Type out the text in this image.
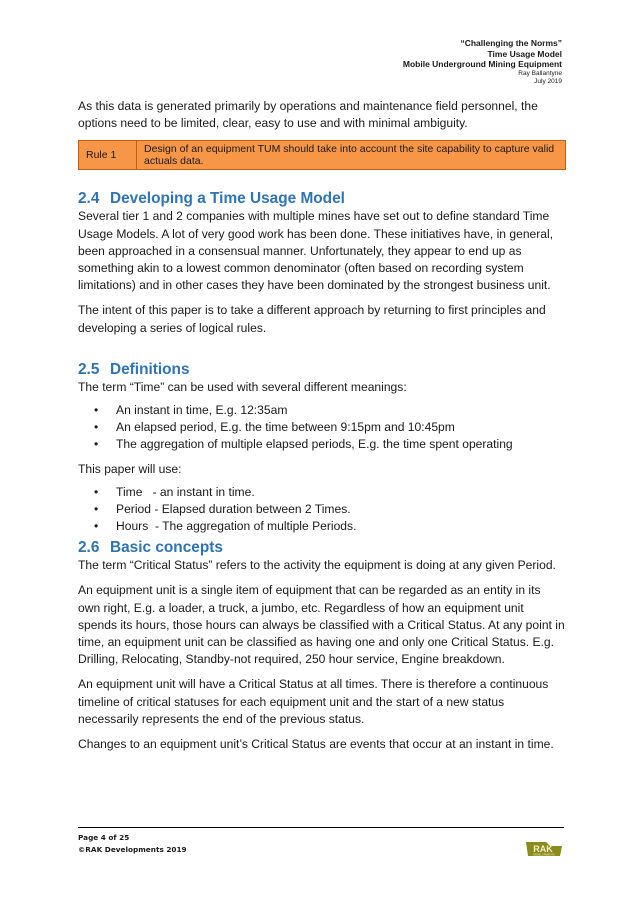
“Challenging the Norms”
Time Usage Model
Mobile Underground Mining Equipment
Ray Ballantyne
July 2019

As this data is generated primarily by operations and maintenance field personnel, the options need to be limited, clear, easy to use and with minimal ambiguity.

Rule 1	Design of an equipment TUM should take into account the site capability to capture valid actuals data.
2.4 Developing a Time Usage Model

Several tier 1 and 2 companies with multiple mines have set out to define standard Time Usage Models. A lot of very good work has been done. These initiatives have, in general, been approached in a consensual manner. Unfortunately, they appear to end up as something akin to a lowest common denominator (often based on recording system limitations) and in other cases they have been dominated by the strongest business unit.

The intent of this paper is to take a different approach by returning to first principles and developing a series of logical rules.

2.5 Definitions

The term “Time” can be used with several different meanings:

• An instant in time, E.g. 12:35am
• An elapsed period, E.g. the time between 9:15pm and 10:45pm
• The aggregation of multiple elapsed periods, E.g. the time spent operating

This paper will use:

• Time   - an instant in time.
• Period - Elapsed duration between 2 Times.
• Hours  - The aggregation of multiple Periods.
2.6 Basic concepts

The term “Critical Status” refers to the activity the equipment is doing at any given Period.

An equipment unit is a single item of equipment that can be regarded as an entity in its own right, E.g. a loader, a truck, a jumbo, etc. Regardless of how an equipment unit spends its hours, those hours can always be classified with a Critical Status. At any point in time, an equipment unit can be classified as having one and only one Critical Status. E.g. Drilling, Relocating, Standby-not required, 250 hour service, Engine breakdown.

An equipment unit will have a Critical Status at all times. There is therefore a continuous timeline of critical statuses for each equipment unit and the start of a new status necessarily represents the end of the previous status.

Changes to an equipment unit’s Critical Status are events that occur at an instant in time.

Page 4 of 25
©RAK Developments 2019	RAK
DEVELOPMENTS
